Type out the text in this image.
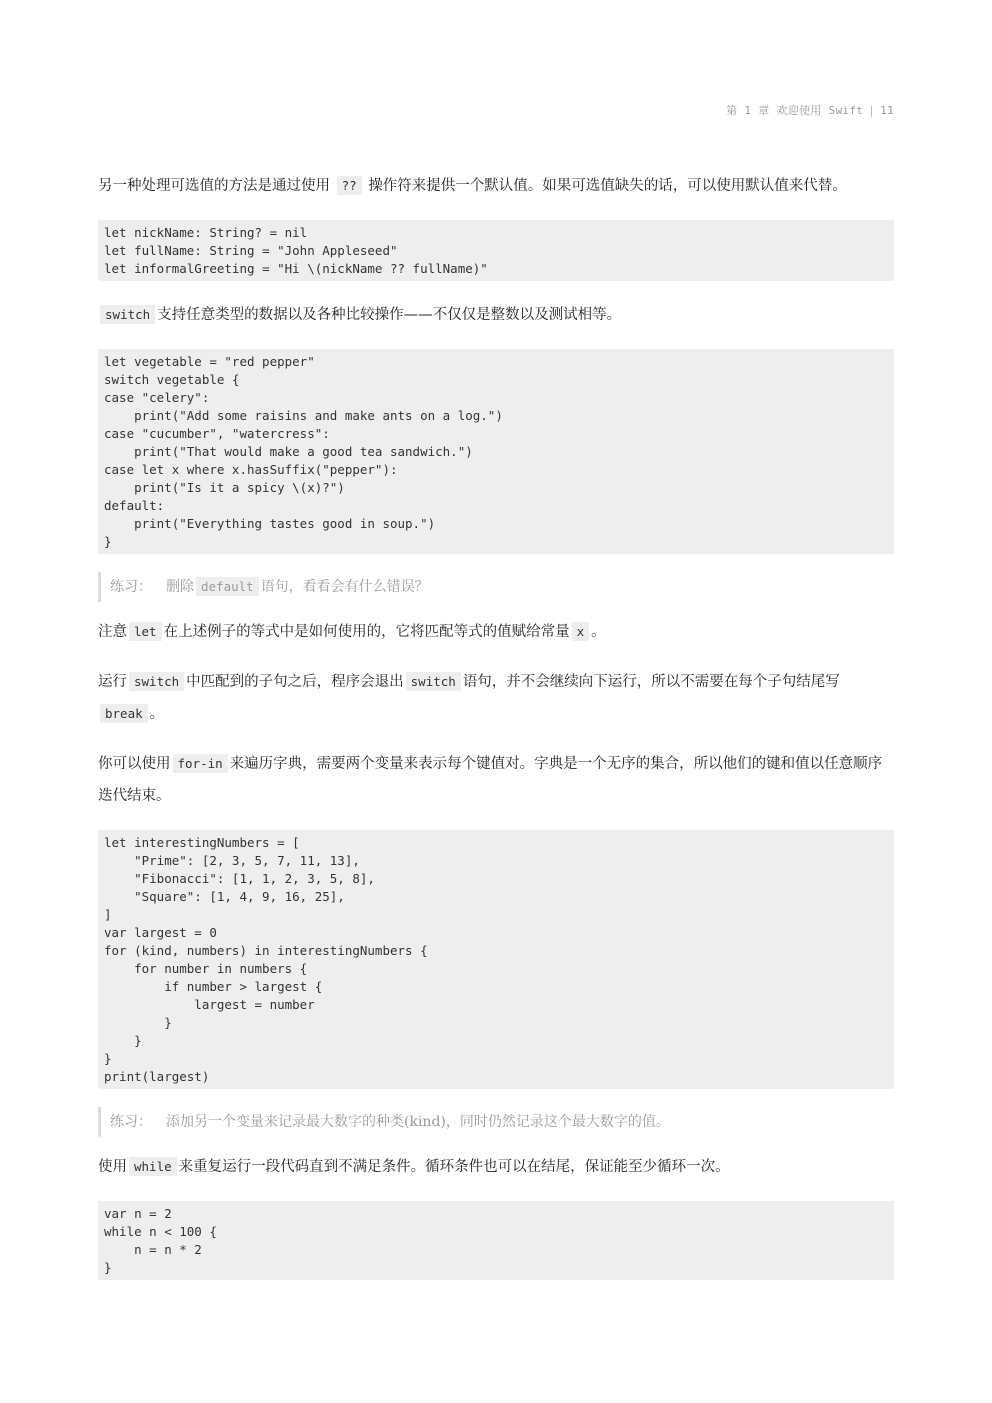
第 1 章 欢迎使用 Swift | 11

另一种处理可选值的方法是通过使用 ?? 操作符来提供一个默认值。如果可选值缺失的话，可以使用默认值来代替。

let nickName: String? = nil
let fullName: String = "John Appleseed"
let informalGreeting = "Hi \(nickName ?? fullName)"

switch 支持任意类型的数据以及各种比较操作——不仅仅是整数以及测试相等。

let vegetable = "red pepper"
switch vegetable {
case "celery":
print("Add some raisins and make ants on a log.")
case "cucumber", "watercress":
print("That would make a good tea sandwich.")
case let x where x.hasSuffix("pepper"):
print("Is it a spicy \(x)?")
default:
print("Everything tastes good in soup.")
}
练习： 删除 default 语句，看看会有什么错误？

注意 let 在上述例子的等式中是如何使用的，它将匹配等式的值赋给常量 x 。

运行 switch 中匹配到的子句之后，程序会退出 switch 语句，并不会继续向下运行，所以不需要在每个子句结尾写break 。

你可以使用 for-in 来遍历字典，需要两个变量来表示每个键值对。字典是一个无序的集合，所以他们的键和值以任意顺序迭代结束。

let interestingNumbers = [
"Prime": [2, 3, 5, 7, 11, 13],
"Fibonacci": [1, 1, 2, 3, 5, 8],
"Square": [1, 4, 9, 16, 25],
]
var largest = 0
for (kind, numbers) in interestingNumbers {
for number in numbers {
if number > largest {
largest = number
}
}
}
print(largest)
练习： 添加另一个变量来记录最大数字的种类(kind)，同时仍然记录这个最大数字的值。

使用 while 来重复运行一段代码直到不满足条件。循环条件也可以在结尾，保证能至少循环一次。

var n = 2
while n < 100 {
n = n * 2
}
